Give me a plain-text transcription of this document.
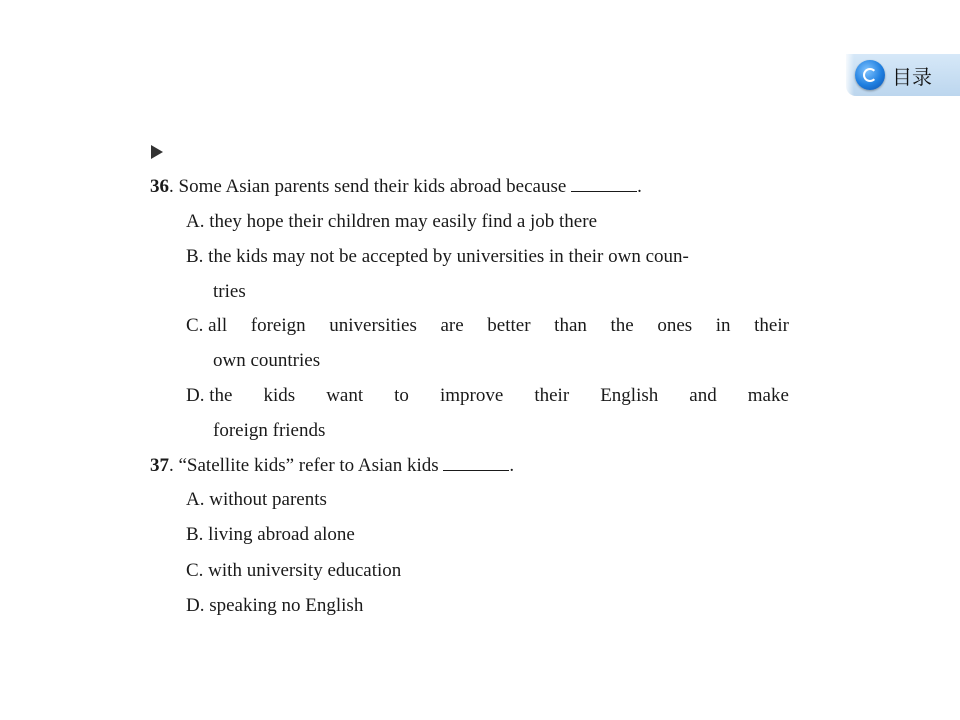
目录
36. Some Asian parents send their kids abroad because	.
A. they hope their children may easily find a job there
B. the kids may not be accepted by universities in their own coun-
tries
C. all foreign universities are better than the ones in their
own countries
D. the kids want to improve their English and make
foreign friends
37. “Satellite kids” refer to Asian kids	.
A. without parents
B. living abroad alone
C. with university education
D. speaking no English
